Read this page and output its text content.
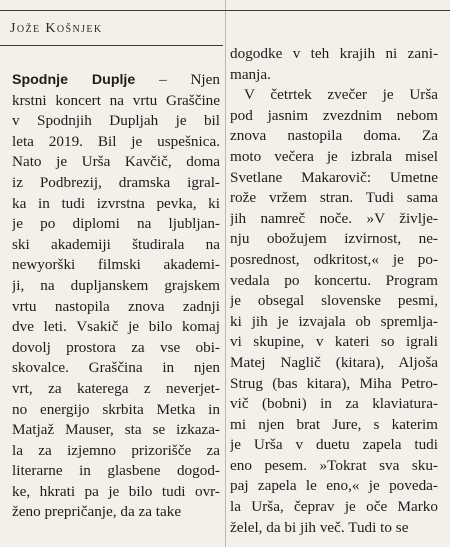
Jože Košnjek
Spodnje Duplje – Njen
krstni koncert na vrtu Graščine
v Spodnjih Dupljah je bil
leta 2019. Bil je uspešnica.
Nato je Urša Kavčič, doma
iz Podbrezij, dramska igral-
ka in tudi izvrstna pevka, ki
je po diplomi na ljubljan-
ski akademiji študirala na
newyorški filmski akademi-
ji, na dupljanskem grajskem
vrtu nastopila znova zadnji
dve leti. Vsakič je bilo komaj
dovolj prostora za vse obi-
skovalce. Graščina in njen
vrt, za katerega z neverjet-
no energijo skrbita Metka in
Matjaž Mauser, sta se izkaza-
la za izjemno prizorišče za
literarne in glasbene dogod-
ke, hkrati pa je bilo tudi ovr-
ženo prepričanje, da za take
dogodke v teh krajih ni zani-
manja.
V četrtek zvečer je Urša
pod jasnim zvezdnim nebom
znova nastopila doma. Za
moto večera je izbrala misel
Svetlane Makarovič: Umetne
rože vržem stran. Tudi sama
jih namreč noče. »V življe-
nju obožujem izvirnost, ne-
posrednost, odkritost,« je po-
vedala po koncertu. Program
je obsegal slovenske pesmi,
ki jih je izvajala ob spremlja-
vi skupine, v kateri so igrali
Matej Naglič (kitara), Aljoša
Strug (bas kitara), Miha Petro-
vič (bobni) in za klaviatura-
mi njen brat Jure, s katerim
je Urša v duetu zapela tudi
eno pesem. »Tokrat sva sku-
paj zapela le eno,« je poveda-
la Urša, čeprav je oče Marko
želel, da bi jih več. Tudi to se
